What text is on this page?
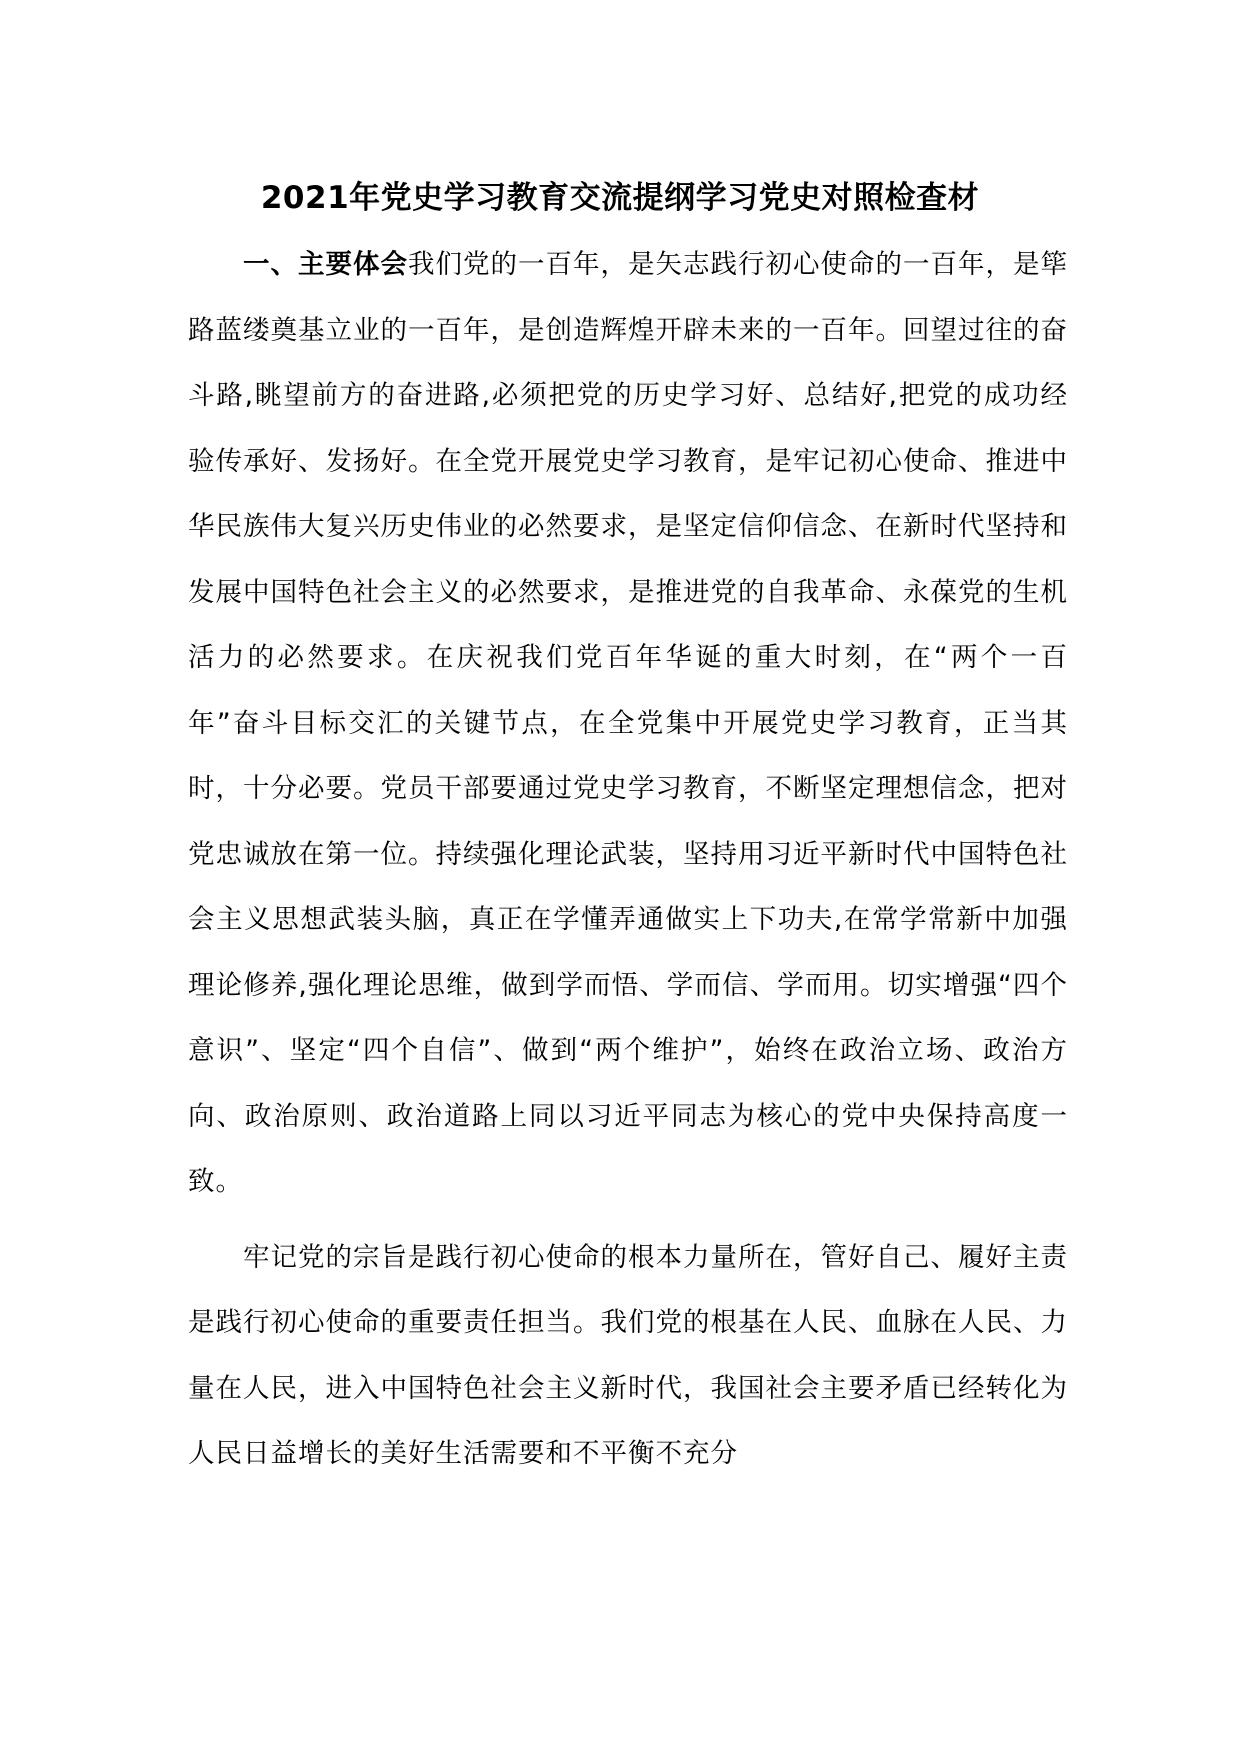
2021年党史学习教育交流提纲学习党史对照检查材

一、主要体会我们党的一百年，是矢志践行初心使命的一百年，是筚路蓝缕奠基立业的一百年，是创造辉煌开辟未来的一百年。回望过往的奋斗路,眺望前方的奋进路,必须把党的历史学习好、总结好,把党的成功经验传承好、发扬好。在全党开展党史学习教育，是牢记初心使命、推进中华民族伟大复兴历史伟业的必然要求，是坚定信仰信念、在新时代坚持和发展中国特色社会主义的必然要求，是推进党的自我革命、永葆党的生机活力的必然要求。在庆祝我们党百年华诞的重大时刻，在“两个一百年”奋斗目标交汇的关键节点，在全党集中开展党史学习教育，正当其时，十分必要。党员干部要通过党史学习教育，不断坚定理想信念，把对党忠诚放在第一位。持续强化理论武装，坚持用习近平新时代中国特色社会主义思想武装头脑，真正在学懂弄通做实上下功夫,在常学常新中加强理论修养,强化理论思维，做到学而悟、学而信、学而用。切实增强“四个意识”、坚定“四个自信”、做到“两个维护”，始终在政治立场、政治方向、政治原则、政治道路上同以习近平同志为核心的党中央保持高度一致。

牢记党的宗旨是践行初心使命的根本力量所在，管好自己、履好主责是践行初心使命的重要责任担当。我们党的根基在人民、血脉在人民、力量在人民，进入中国特色社会主义新时代，我国社会主要矛盾已经转化为人民日益增长的美好生活需要和不平衡不充分
